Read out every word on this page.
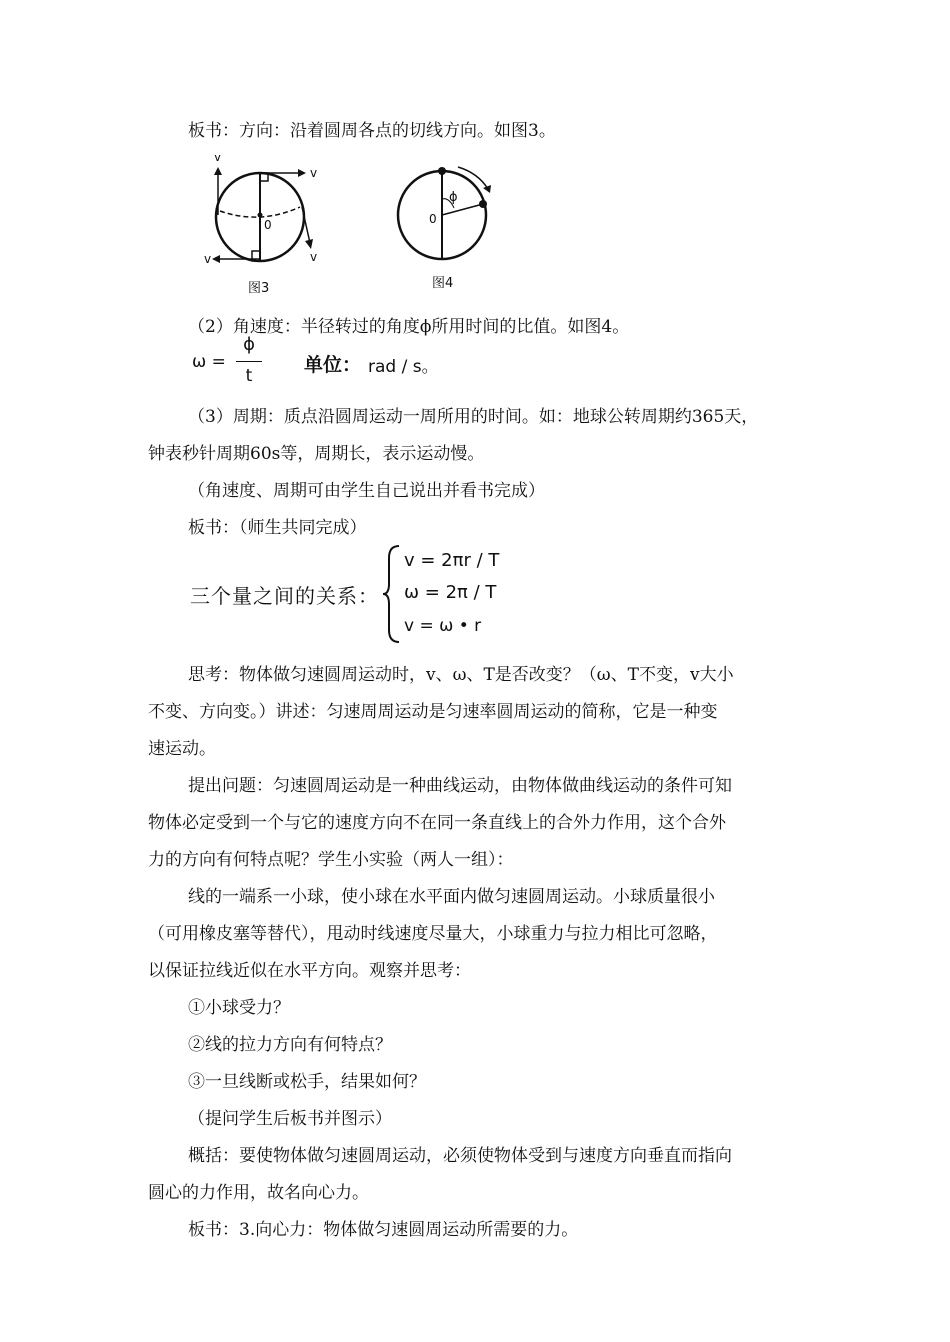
板书：方向：沿着圆周各点的切线方向。如图3。
v
v
v	v
0
图3
ϕ
0
图4
（2）角速度：半径转过的角度ϕ所用时间的比值。如图4。
ω =
ϕ
t	单位： rad / s。
（3）周期：质点沿圆周运动一周所用的时间。如：地球公转周期约365天，
钟表秒针周期60s等，周期长，表示运动慢。
（角速度、周期可由学生自己说出并看书完成）
板书：（师生共同完成）
三个量之间的关系：
v = 2πr / T
ω = 2π / T
v = ω • r
思考：物体做匀速圆周运动时，v、ω、T是否改变？（ω、T不变，v大小
不变、方向变。）讲述：匀速周周运动是匀速率圆周运动的简称，它是一种变
速运动。
提出问题：匀速圆周运动是一种曲线运动，由物体做曲线运动的条件可知
物体必定受到一个与它的速度方向不在同一条直线上的合外力作用，这个合外
力的方向有何特点呢？学生小实验（两人一组）：
线的一端系一小球，使小球在水平面内做匀速圆周运动。小球质量很小
（可用橡皮塞等替代），甩动时线速度尽量大，小球重力与拉力相比可忽略，
以保证拉线近似在水平方向。观察并思考：
①小球受力？
②线的拉力方向有何特点？
③一旦线断或松手，结果如何？
（提问学生后板书并图示）
概括：要使物体做匀速圆周运动，必须使物体受到与速度方向垂直而指向
圆心的力作用，故名向心力。
板书：3.向心力：物体做匀速圆周运动所需要的力。
